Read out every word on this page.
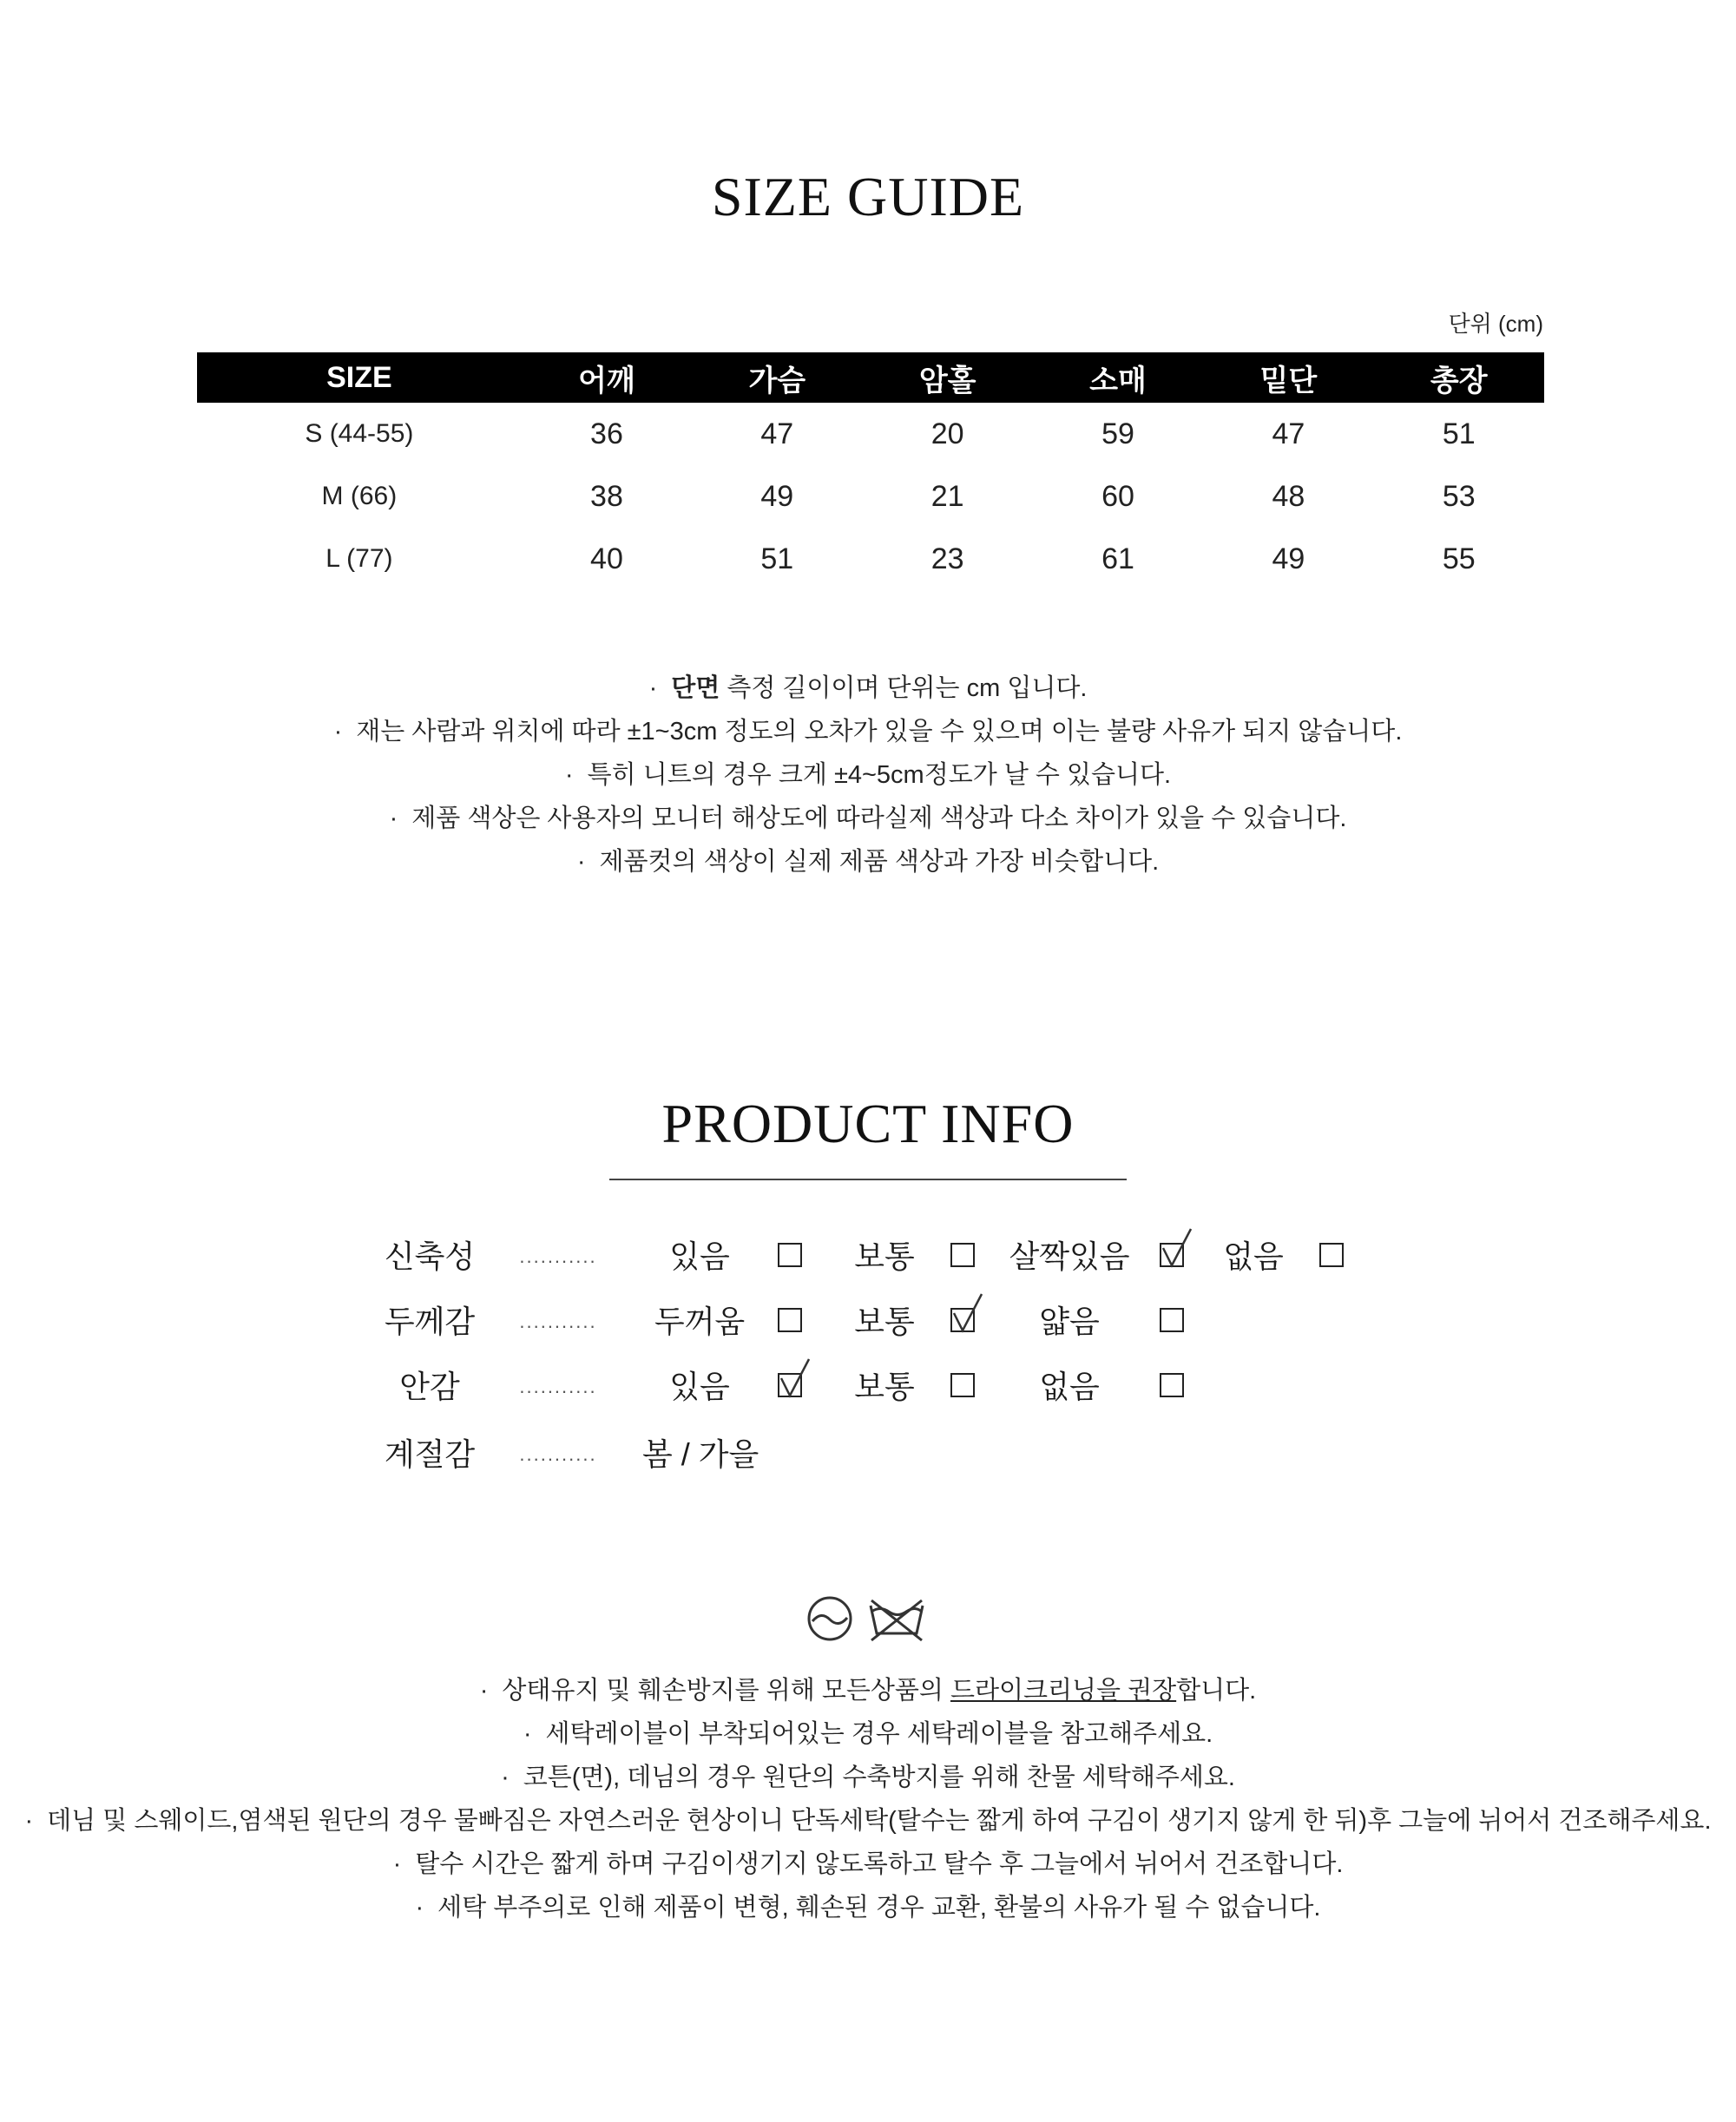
SIZE GUIDE
단위 (cm)
SIZE	어깨	가슴	암홀	소매	밑단	총장
S (44-55)	36	47	20	59	47	51
M (66)	38	49	21	60	48	53
L (77)	40	51	23	61	49	55
· 단면 측정 길이이며 단위는 cm 입니다.
· 재는 사람과 위치에 따라 ±1~3cm 정도의 오차가 있을 수 있으며 이는 불량 사유가 되지 않습니다.
· 특히 니트의 경우 크게 ±4~5cm정도가 날 수 있습니다.
· 제품 색상은 사용자의 모니터 해상도에 따라실제 색상과 다소 차이가 있을 수 있습니다.
· 제품컷의 색상이 실제 제품 색상과 가장 비슷합니다.
PRODUCT INFO
신축성	...........	있음	보통	살짝있음	없음
두께감	...........	두꺼움	보통	얇음
안감	...........	있음	보통	없음
계절감	...........	봄 / 가을
· 상태유지 및 훼손방지를 위해 모든상품의 드라이크리닝을 권장합니다.
· 세탁레이블이 부착되어있는 경우 세탁레이블을 참고해주세요.
· 코튼(면), 데님의 경우 원단의 수축방지를 위해 찬물 세탁해주세요.
· 데님 및 스웨이드,염색된 원단의 경우 물빠짐은 자연스러운 현상이니 단독세탁(탈수는 짧게 하여 구김이 생기지 않게 한 뒤)후 그늘에 뉘어서 건조해주세요.
· 탈수 시간은 짧게 하며 구김이생기지 않도록하고 탈수 후 그늘에서 뉘어서 건조합니다.
· 세탁 부주의로 인해 제품이 변형, 훼손된 경우 교환, 환불의 사유가 될 수 없습니다.
